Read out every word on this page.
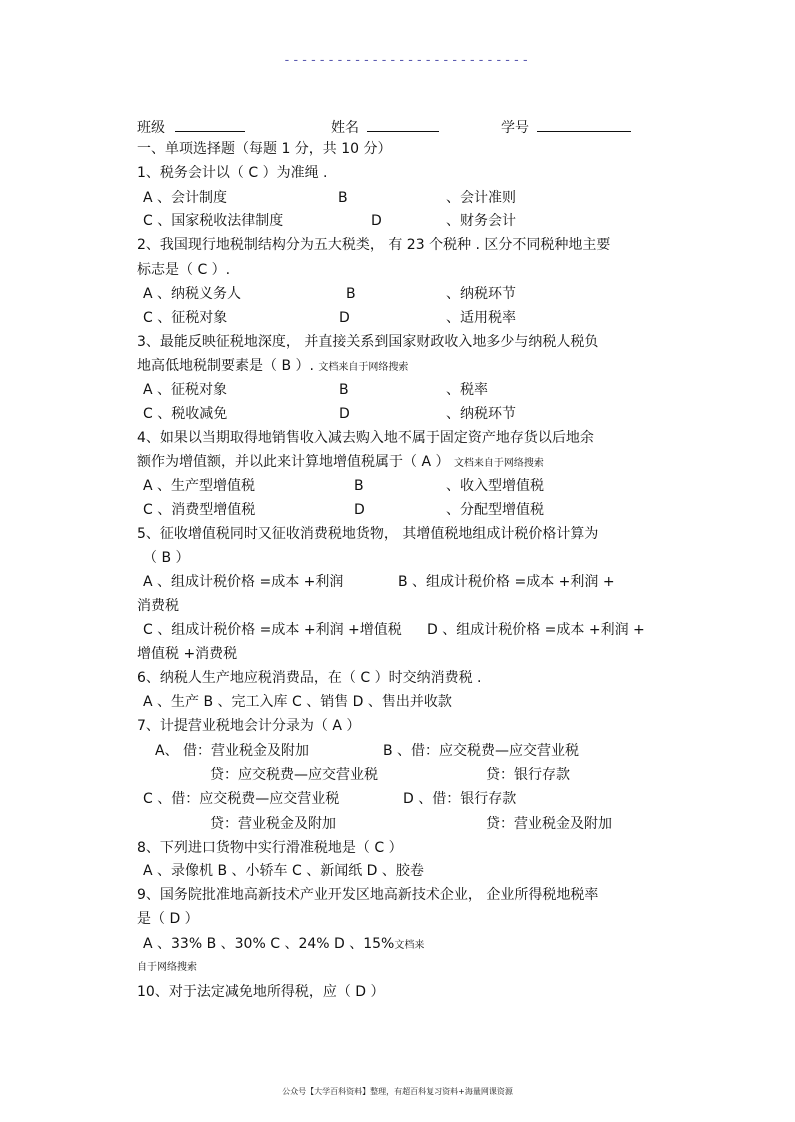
----------------------------
班级	姓名	学号
一、单项选择题（每题 1 分，共 10 分）
1、税务会计以（ C ）为准绳 .
A 、会计制度	B	、会计准则
C 、国家税收法律制度	D	、财务会计
2、我国现行地税制结构分为五大税类， 有 23 个税种 . 区分不同税种地主要
标志是（ C ）.
A 、纳税义务人	B	、纳税环节
C 、征税对象	D	、适用税率
3、最能反映征税地深度， 并直接关系到国家财政收入地多少与纳税人税负
地高低地税制要素是（ B ）. 文档来自于网络搜索
A 、征税对象	B	、税率
C 、税收减免	D	、纳税环节
4、如果以当期取得地销售收入减去购入地不属于固定资产地存货以后地余
额作为增值额，并以此来计算地增值税属于（ A ） 文档来自于网络搜索
A 、生产型增值税	B	、收入型增值税
C 、消费型增值税	D	、分配型增值税
5、征收增值税同时又征收消费税地货物， 其增值税地组成计税价格计算为
（ B ）
A 、组成计税价格 =成本 +利润	B 、组成计税价格 =成本 +利润 +
消费税
C 、组成计税价格 =成本 +利润 +增值税 D 、组成计税价格 =成本 +利润 +
增值税 +消费税
6、纳税人生产地应税消费品，在（ C ）时交纳消费税 .
A 、生产 B 、完工入库 C 、销售 D 、售出并收款
7、计提营业税地会计分录为（ A ）
A、 借：营业税金及附加	B 、借：应交税费—应交营业税
贷：应交税费—应交营业税	贷：银行存款
C 、借：应交税费—应交营业税	D 、借：银行存款
贷：营业税金及附加	贷：营业税金及附加
8、下列进口货物中实行滑准税地是（ C ）
A 、录像机 B 、小轿车 C 、新闻纸 D 、胶卷
9、国务院批准地高新技术产业开发区地高新技术企业， 企业所得税地税率
是（ D ）
A 、33% B 、30% C 、24% D 、15%文档来
自于网络搜索
10、对于法定减免地所得税，应（ D ）
公众号【大学百科资料】整理，有超百科复习资料+海量网课资源
